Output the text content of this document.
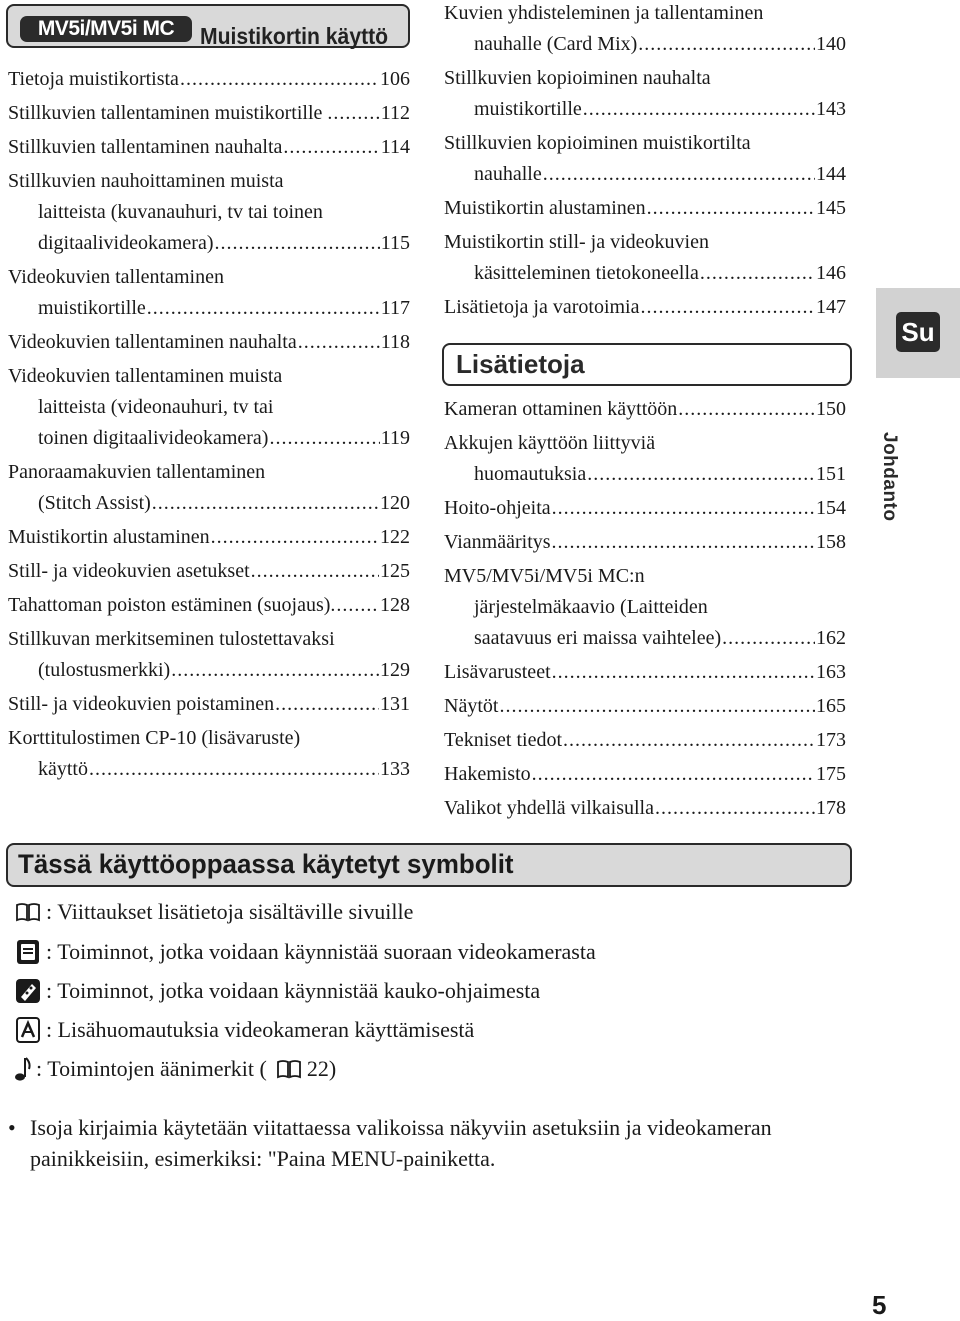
MV5i/MV5i MC	Muistikortin käyttö
Tietoja muistikortista .....	106
Stillkuvien tallentaminen muistikortille . ..... 112
Stillkuvien tallentaminen nauhalta .....	114
Stillkuvien nauhoittaminen muista
laitteista (kuvanauhuri, tv tai toinen
digitaalivideokamera) .....	115
Videokuvien tallentaminen
muistikortille .....	117
Videokuvien tallentaminen nauhalta .....	118
Videokuvien tallentaminen muista
laitteista (videonauhuri, tv tai
toinen digitaalivideokamera) .....	119
Panoraamakuvien tallentaminen
(Stitch Assist) .....	120
Muistikortin alustaminen .....	122
Still- ja videokuvien asetukset .....	125
Tahattoman poiston estäminen (suojaus). ..... 128
Stillkuvan merkitseminen tulostettavaksi
(tulostusmerkki) .....	129
Still- ja videokuvien poistaminen .....	131
Korttitulostimen CP-10 (lisävaruste)
käyttö .....	133
Kuvien yhdisteleminen ja tallentaminen
nauhalle (Card Mix) .....	140
Stillkuvien kopioiminen nauhalta
muistikortille .....	143
Stillkuvien kopioiminen muistikortilta
nauhalle .....	144
Muistikortin alustaminen .....	145
Muistikortin still- ja videokuvien
käsitteleminen tietokoneella .....	146
Lisätietoja ja varotoimia .....	147
Lisätietoja
Kameran ottaminen käyttöön .....	150
Akkujen käyttöön liittyviä
huomautuksia .....	151
Hoito-ohjeita .....	154
Vianmääritys .....	158
MV5/MV5i/MV5i MC:n
järjestelmäkaavio (Laitteiden
saatavuus eri maissa vaihtelee) .....	162
Lisävarusteet .....	163
Näytöt .....	165
Tekniset tiedot .....	173
Hakemisto .....	175
Valikot yhdellä vilkaisulla .....	178
Su
Johdanto
Tässä käyttöoppaassa käytetyt symbolit
: Viittaukset lisätietoja sisältäville sivuille
: Toiminnot, jotka voidaan käynnistää suoraan videokamerasta
: Toiminnot, jotka voidaan käynnistää kauko-ohjaimesta
: Lisähuomautuksia videokameran käyttämisestä
: Toimintojen äänimerkit ( 22)
• Isoja kirjaimia käytetään viitattaessa valikoissa näkyviin asetuksiin ja videokameran painikkeisiin, esimerkiksi: "Paina MENU-painiketta.
5
